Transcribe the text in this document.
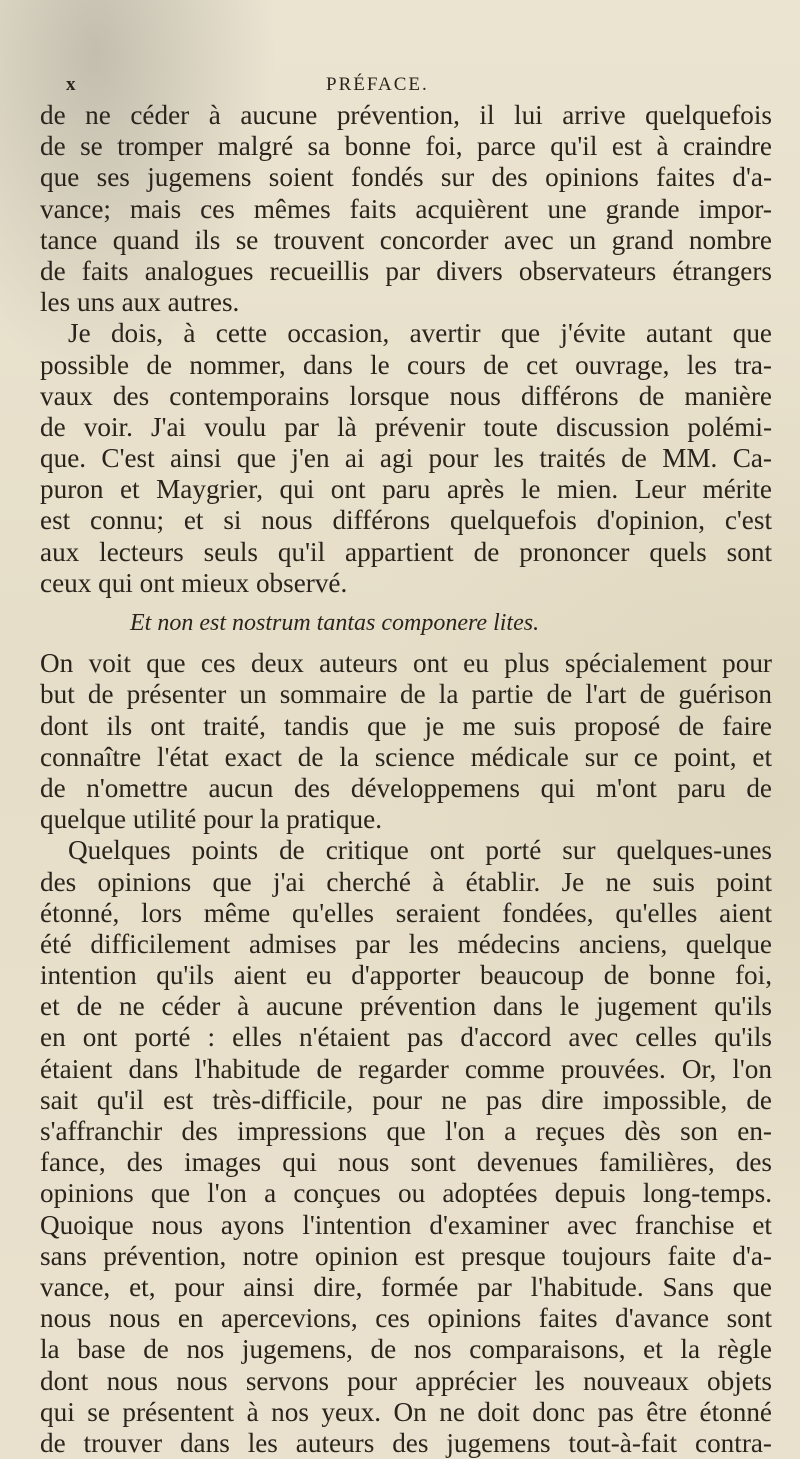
x	PRÉFACE.
de ne céder à aucune prévention, il lui arrive quelquefois
de se tromper malgré sa bonne foi, parce qu'il est à craindre
que ses jugemens soient fondés sur des opinions faites d'a-
vance; mais ces mêmes faits acquièrent une grande impor-
tance quand ils se trouvent concorder avec un grand nombre
de faits analogues recueillis par divers observateurs étrangers
les uns aux autres.
Je dois, à cette occasion, avertir que j'évite autant que
possible de nommer, dans le cours de cet ouvrage, les tra-
vaux des contemporains lorsque nous différons de manière
de voir. J'ai voulu par là prévenir toute discussion polémi-
que. C'est ainsi que j'en ai agi pour les traités de MM. Ca-
puron et Maygrier, qui ont paru après le mien. Leur mérite
est connu; et si nous différons quelquefois d'opinion, c'est
aux lecteurs seuls qu'il appartient de prononcer quels sont
ceux qui ont mieux observé.
Et non est nostrum tantas componere lites.
On voit que ces deux auteurs ont eu plus spécialement pour
but de présenter un sommaire de la partie de l'art de guérison
dont ils ont traité, tandis que je me suis proposé de faire
connaître l'état exact de la science médicale sur ce point, et
de n'omettre aucun des développemens qui m'ont paru de
quelque utilité pour la pratique.
Quelques points de critique ont porté sur quelques-unes
des opinions que j'ai cherché à établir. Je ne suis point
étonné, lors même qu'elles seraient fondées, qu'elles aient
été difficilement admises par les médecins anciens, quelque
intention qu'ils aient eu d'apporter beaucoup de bonne foi,
et de ne céder à aucune prévention dans le jugement qu'ils
en ont porté : elles n'étaient pas d'accord avec celles qu'ils
étaient dans l'habitude de regarder comme prouvées. Or, l'on
sait qu'il est très-difficile, pour ne pas dire impossible, de
s'affranchir des impressions que l'on a reçues dès son en-
fance, des images qui nous sont devenues familières, des
opinions que l'on a conçues ou adoptées depuis long-temps.
Quoique nous ayons l'intention d'examiner avec franchise et
sans prévention, notre opinion est presque toujours faite d'a-
vance, et, pour ainsi dire, formée par l'habitude. Sans que
nous nous en apercevions, ces opinions faites d'avance sont
la base de nos jugemens, de nos comparaisons, et la règle
dont nous nous servons pour apprécier les nouveaux objets
qui se présentent à nos yeux. On ne doit donc pas être étonné
de trouver dans les auteurs des jugemens tout-à-fait contra-
